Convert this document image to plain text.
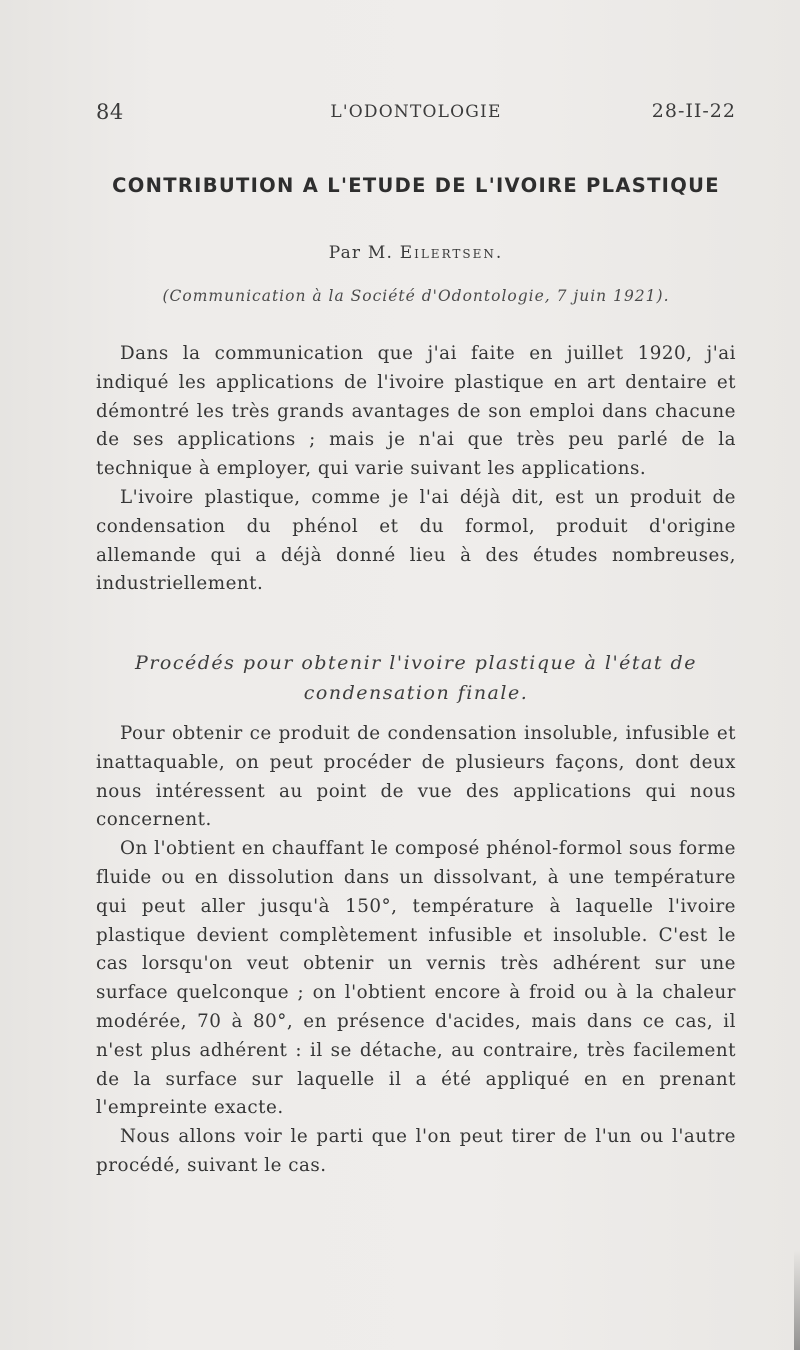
84	L'ODONTOLOGIE	28-II-22
CONTRIBUTION A L'ETUDE DE L'IVOIRE PLASTIQUE
Par M. Eilertsen.
(Communication à la Société d'Odontologie, 7 juin 1921).

Dans la communication que j'ai faite en juillet 1920, j'ai indiqué les applications de l'ivoire plastique en art dentaire et démontré les très grands avantages de son emploi dans chacune de ses applications ; mais je n'ai que très peu parlé de la technique à employer, qui varie suivant les applications.

L'ivoire plastique, comme je l'ai déjà dit, est un produit de condensation du phénol et du formol, produit d'origine allemande qui a déjà donné lieu à des études nombreuses, industriellement.

Procédés pour obtenir l'ivoire plastique à l'état de condensation finale.

Pour obtenir ce produit de condensation insoluble, infusible et inattaquable, on peut procéder de plusieurs façons, dont deux nous intéressent au point de vue des applications qui nous concernent.

On l'obtient en chauffant le composé phénol-formol sous forme fluide ou en dissolution dans un dissolvant, à une température qui peut aller jusqu'à 150°, température à laquelle l'ivoire plastique devient complètement infusible et insoluble. C'est le cas lorsqu'on veut obtenir un vernis très adhérent sur une surface quelconque ; on l'obtient encore à froid ou à la chaleur modérée, 70 à 80°, en présence d'acides, mais dans ce cas, il n'est plus adhérent : il se détache, au contraire, très facilement de la surface sur laquelle il a été appliqué en en prenant l'empreinte exacte.

Nous allons voir le parti que l'on peut tirer de l'un ou l'autre procédé, suivant le cas.
